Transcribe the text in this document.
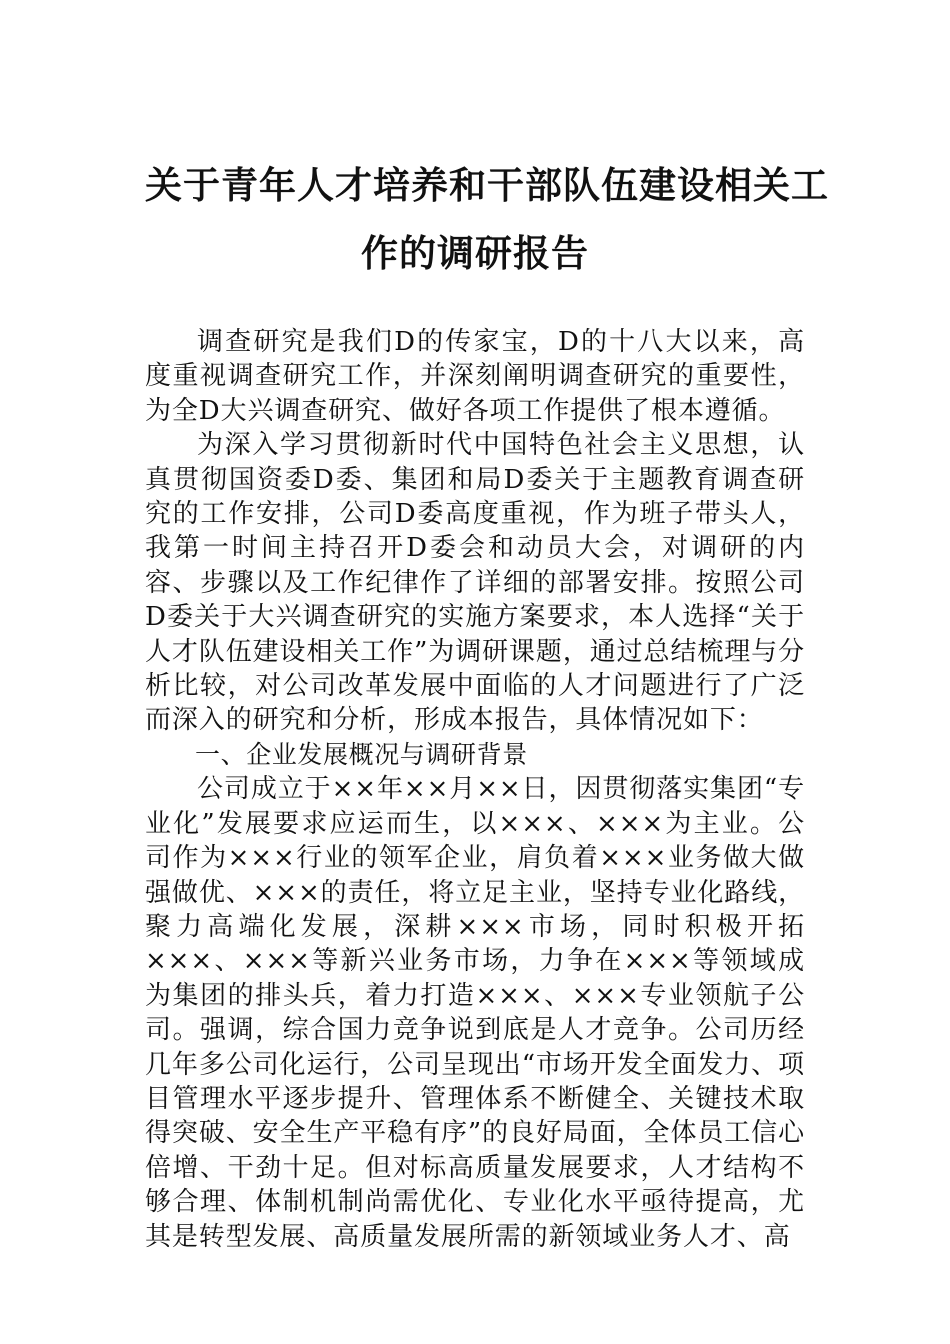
关于青年人才培养和干部队伍建设相关工
作的调研报告

调查研究是我们D的传家宝，D的十八大以来，高度重视调查研究工作，并深刻阐明调查研究的重要性，为全D大兴调查研究、做好各项工作提供了根本遵循。

为深入学习贯彻新时代中国特色社会主义思想，认真贯彻国资委D委、集团和局D委关于主题教育调查研究的工作安排，公司D委高度重视，作为班子带头人，我第一时间主持召开D委会和动员大会，对调研的内容、步骤以及工作纪律作了详细的部署安排。按照公司D委关于大兴调查研究的实施方案要求，本人选择“关于人才队伍建设相关工作”为调研课题，通过总结梳理与分析比较，对公司改革发展中面临的人才问题进行了广泛而深入的研究和分析，形成本报告，具体情况如下：

一、企业发展概况与调研背景

公司成立于××年××月××日，因贯彻落实集团“专业化”发展要求应运而生，以×××、×××为主业。公司作为×××行业的领军企业，肩负着×××业务做大做强做优、×××的责任，将立足主业，坚持专业化路线，聚力高端化发展，深耕×××市场，同时积极开拓×××、×××等新兴业务市场，力争在×××等领域成为集团的排头兵，着力打造×××、×××专业领航子公司。强调，综合国力竞争说到底是人才竞争。公司历经几年多公司化运行，公司呈现出“市场开发全面发力、项目管理水平逐步提升、管理体系不断健全、关键技术取得突破、安全生产平稳有序”的良好局面，全体员工信心倍增、干劲十足。但对标高质量发展要求，人才结构不够合理、体制机制尚需优化、专业化水平亟待提高，尤其是转型发展、高质量发展所需的新领域业务人才、高
